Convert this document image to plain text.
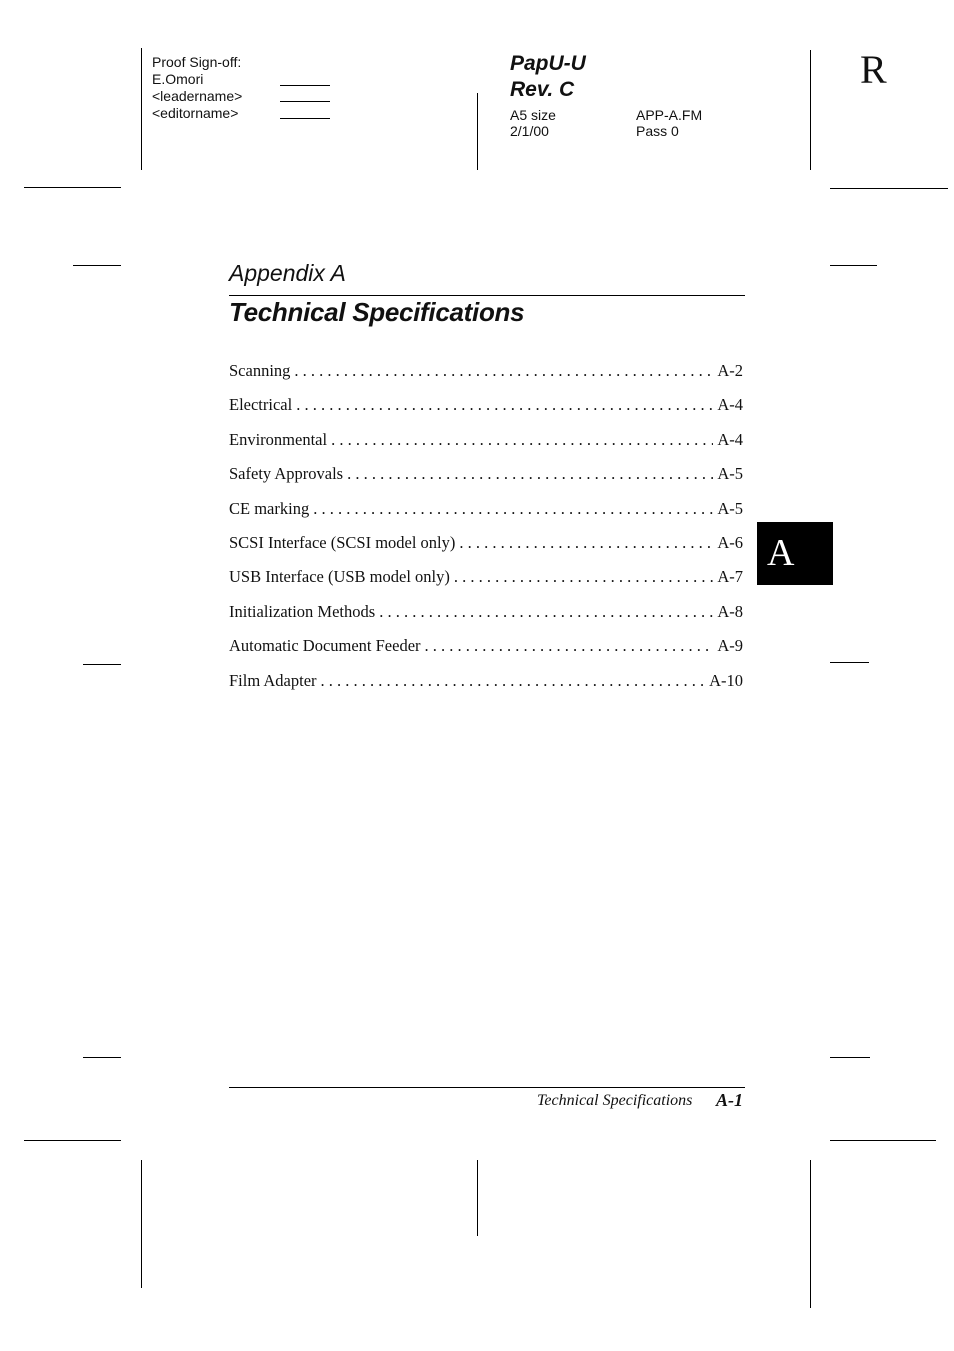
Proof Sign-off:
E.Omori
<leadername>
<editorname>
PapU-U
Rev. C
A5 size	APP-A.FM
2/1/00	Pass 0
R
Appendix A
Technical Specifications
Scanning . . .	A-2
Electrical . . .	A-4
Environmental . . .	A-4
Safety Approvals . . .	A-5
CE marking . . .	A-5
SCSI Interface (SCSI model only) . . .	A-6
USB Interface (USB model only) . . .	A-7
Initialization Methods . . .	A-8
Automatic Document Feeder . . .	A-9
Film Adapter . . .	A-10
A
Technical Specifications A-1
